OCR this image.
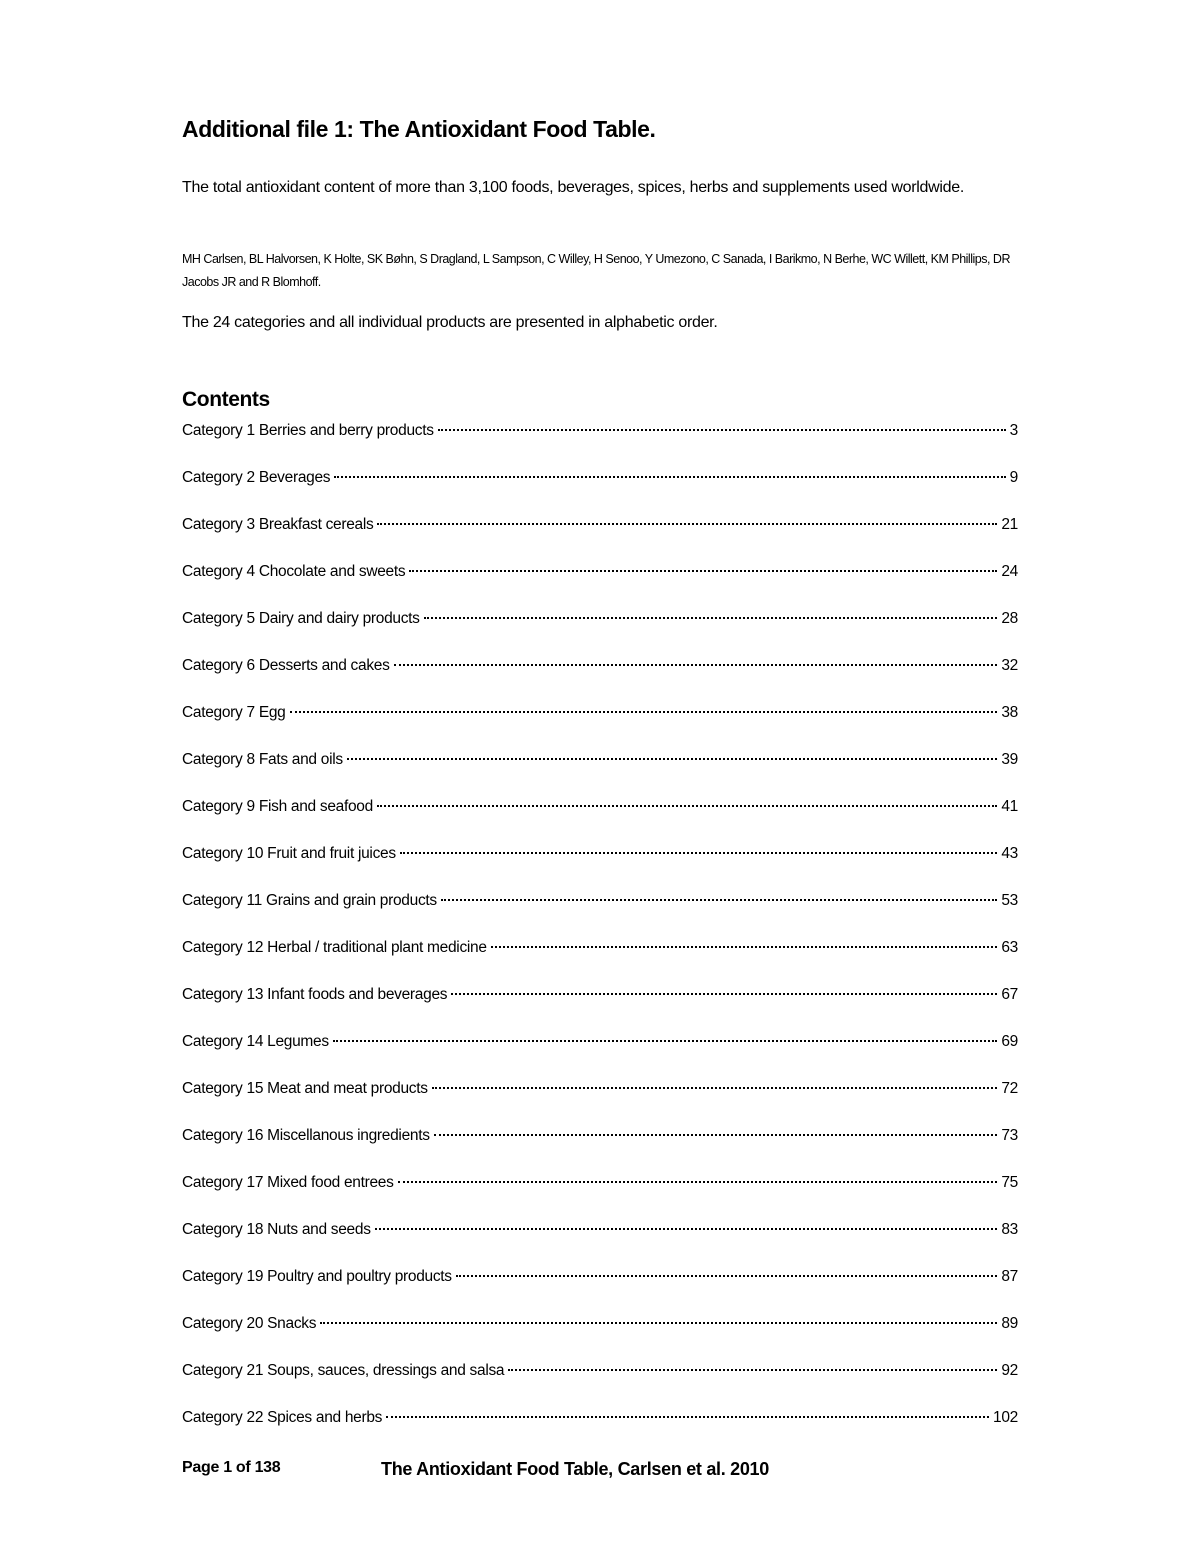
Additional file 1: The Antioxidant Food Table.
The total antioxidant content of more than 3,100 foods, beverages, spices, herbs and supplements used worldwide.
MH Carlsen, BL Halvorsen, K Holte, SK Bøhn, S Dragland, L Sampson, C Willey, H Senoo, Y Umezono, C Sanada, I Barikmo, N Berhe, WC Willett, KM Phillips, DR Jacobs JR and R Blomhoff.
The 24 categories and all individual products are presented in alphabetic order.
Contents
Category 1 Berries and berry products	3
Category 2 Beverages	9
Category 3 Breakfast cereals	21
Category 4 Chocolate and sweets	24
Category 5 Dairy and dairy products	28
Category 6 Desserts and cakes	32
Category 7 Egg	38
Category 8 Fats and oils	39
Category 9 Fish and seafood	41
Category 10 Fruit and fruit juices	43
Category 11 Grains and grain products	53
Category 12 Herbal / traditional plant medicine	63
Category 13 Infant foods and beverages	67
Category 14 Legumes	69
Category 15 Meat and meat products	72
Category 16 Miscellanous ingredients	73
Category 17 Mixed food entrees	75
Category 18 Nuts and seeds	83
Category 19 Poultry and poultry products	87
Category 20 Snacks	89
Category 21 Soups, sauces, dressings and salsa	92
Category 22 Spices and herbs	102
Page 1 of 138	The Antioxidant Food Table, Carlsen et al. 2010
